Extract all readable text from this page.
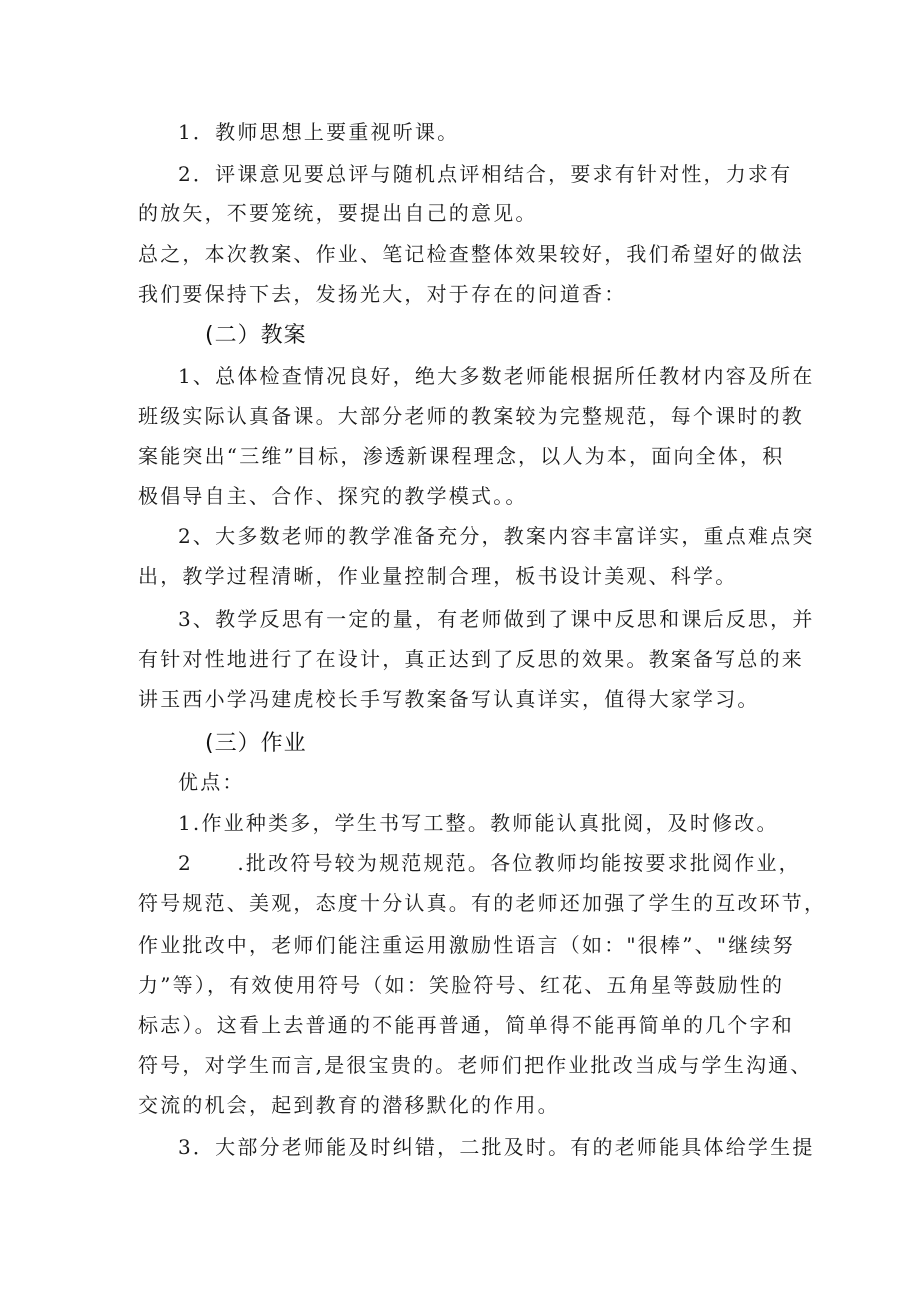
1．教师思想上要重视听课。
2．评课意见要总评与随机点评相结合，要求有针对性，力求有
的放矢，不要笼统，要提出自己的意见。
总之，本次教案、作业、笔记检查整体效果较好，我们希望好的做法
我们要保持下去，发扬光大，对于存在的问道香：
(二）教案
1、总体检查情况良好，绝大多数老师能根据所任教材内容及所在
班级实际认真备课。大部分老师的教案较为完整规范，每个课时的教
案能突出“三维”目标，渗透新课程理念，以人为本，面向全体，积
极倡导自主、合作、探究的教学模式。。
2、大多数老师的教学准备充分，教案内容丰富详实，重点难点突
出，教学过程清晰，作业量控制合理，板书设计美观、科学。
3、教学反思有一定的量，有老师做到了课中反思和课后反思，并
有针对性地进行了在设计，真正达到了反思的效果。教案备写总的来
讲玉西小学冯建虎校长手写教案备写认真详实，值得大家学习。
(三）作业
优点：
1.作业种类多，学生书写工整。教师能认真批阅，及时修改。
2　　.批改符号较为规范规范。各位教师均能按要求批阅作业，
符号规范、美观，态度十分认真。有的老师还加强了学生的互改环节，
作业批改中，老师们能注重运用激励性语言（如："很棒”、"继续努
力”等），有效使用符号（如：笑脸符号、红花、五角星等鼓励性的
标志）。这看上去普通的不能再普通，简单得不能再简单的几个字和
符号，对学生而言,是很宝贵的。老师们把作业批改当成与学生沟通、
交流的机会，起到教育的潜移默化的作用。
3．大部分老师能及时纠错，二批及时。有的老师能具体给学生提
